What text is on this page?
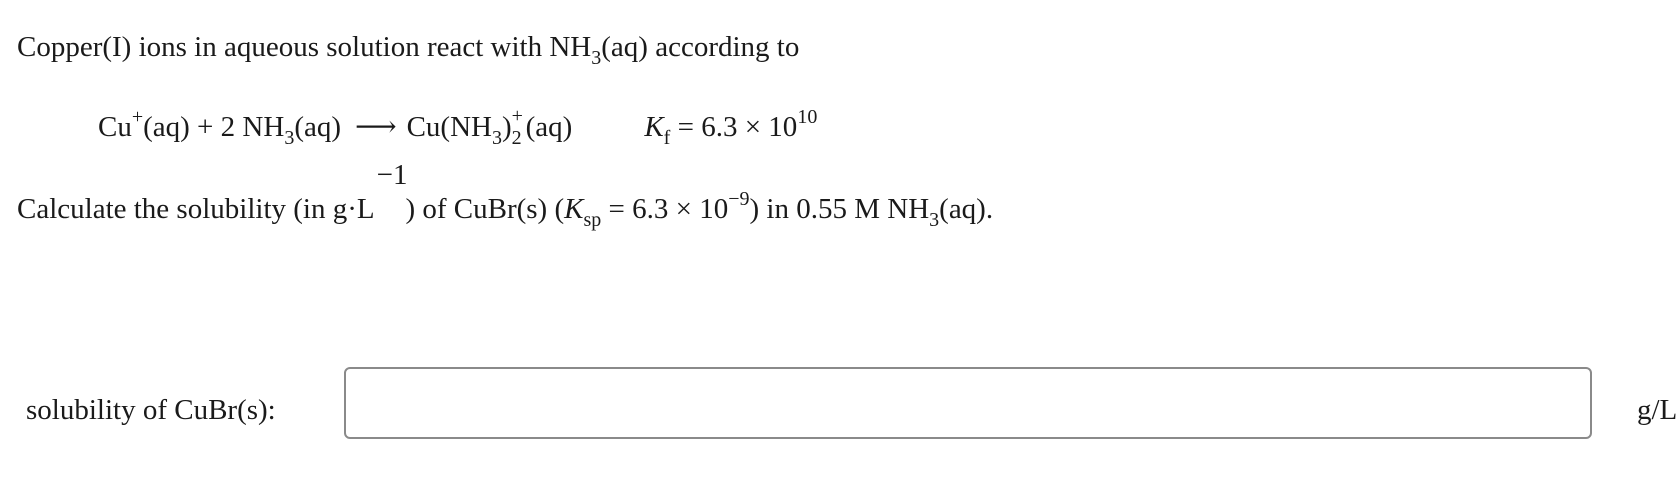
Copper(I) ions in aqueous solution react with $NH_3(aq)$ according to
Cu+(aq) + 2 $NH_3(aq)$ ⟶ $Cu(NH_3)$ +
2 (aq) $K_f = 6.3 \times 10^{10}$
Calculate the solubility (in g·L
−1
) of CuBr(s) $(K_{sp} = 6.3 \times 10^{-9})$ in 0.55 M $NH_3(aq)$.
solubility of CuBr(s):	g/L
